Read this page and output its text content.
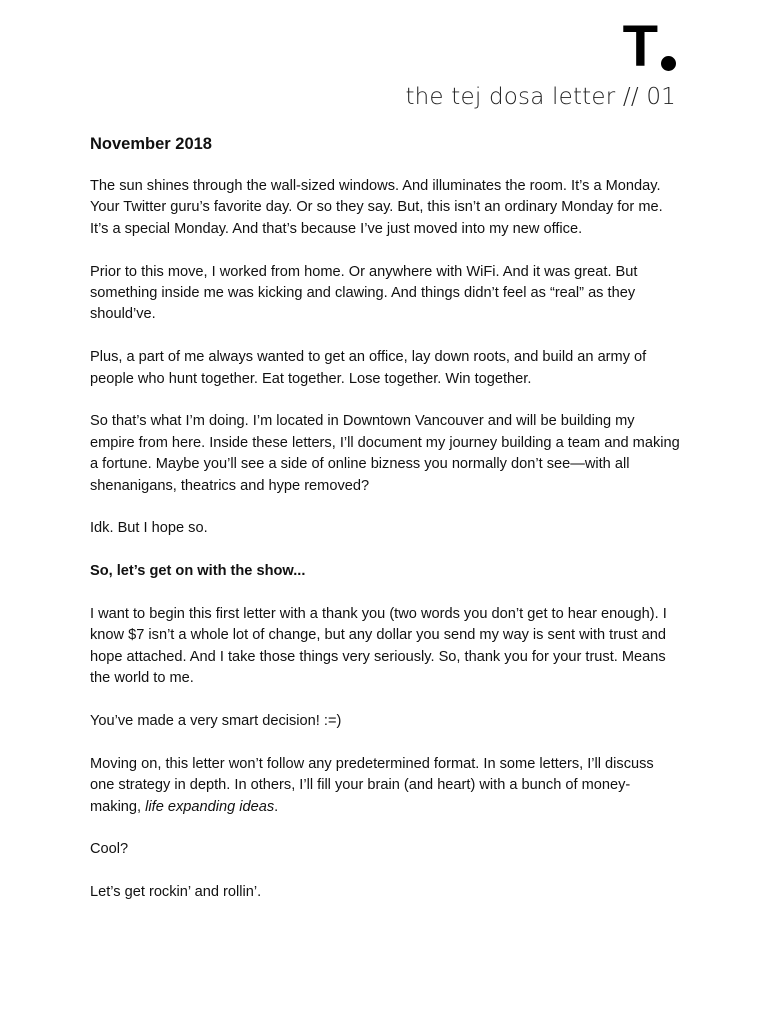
T
the tej dosa letter // 01
November 2018

The sun shines through the wall-sized windows. And illuminates the room. It’s a Monday. Your Twitter guru’s favorite day. Or so they say. But, this isn’t an ordinary Monday for me. It’s a special Monday. And that’s because I’ve just moved into my new office.

Prior to this move, I worked from home. Or anywhere with WiFi. And it was great. But something inside me was kicking and clawing. And things didn’t feel as “real” as they should’ve.

Plus, a part of me always wanted to get an office, lay down roots, and build an army of people who hunt together. Eat together. Lose together. Win together.

So that’s what I’m doing. I’m located in Downtown Vancouver and will be building my empire from here. Inside these letters, I’ll document my journey building a team and making a fortune. Maybe you’ll see a side of online bizness you normally don’t see—with all shenanigans, theatrics and hype removed?

Idk. But I hope so.

So, let’s get on with the show...

I want to begin this first letter with a thank you (two words you don’t get to hear enough). I know $7 isn’t a whole lot of change, but any dollar you send my way is sent with trust and hope attached. And I take those things very seriously. So, thank you for your trust. Means the world to me.

You’ve made a very smart decision! :=)

Moving on, this letter won’t follow any predetermined format. In some letters, I’ll discuss one strategy in depth. In others, I’ll fill your brain (and heart) with a bunch of money-making, life expanding ideas.

Cool?

Let’s get rockin’ and rollin’.
